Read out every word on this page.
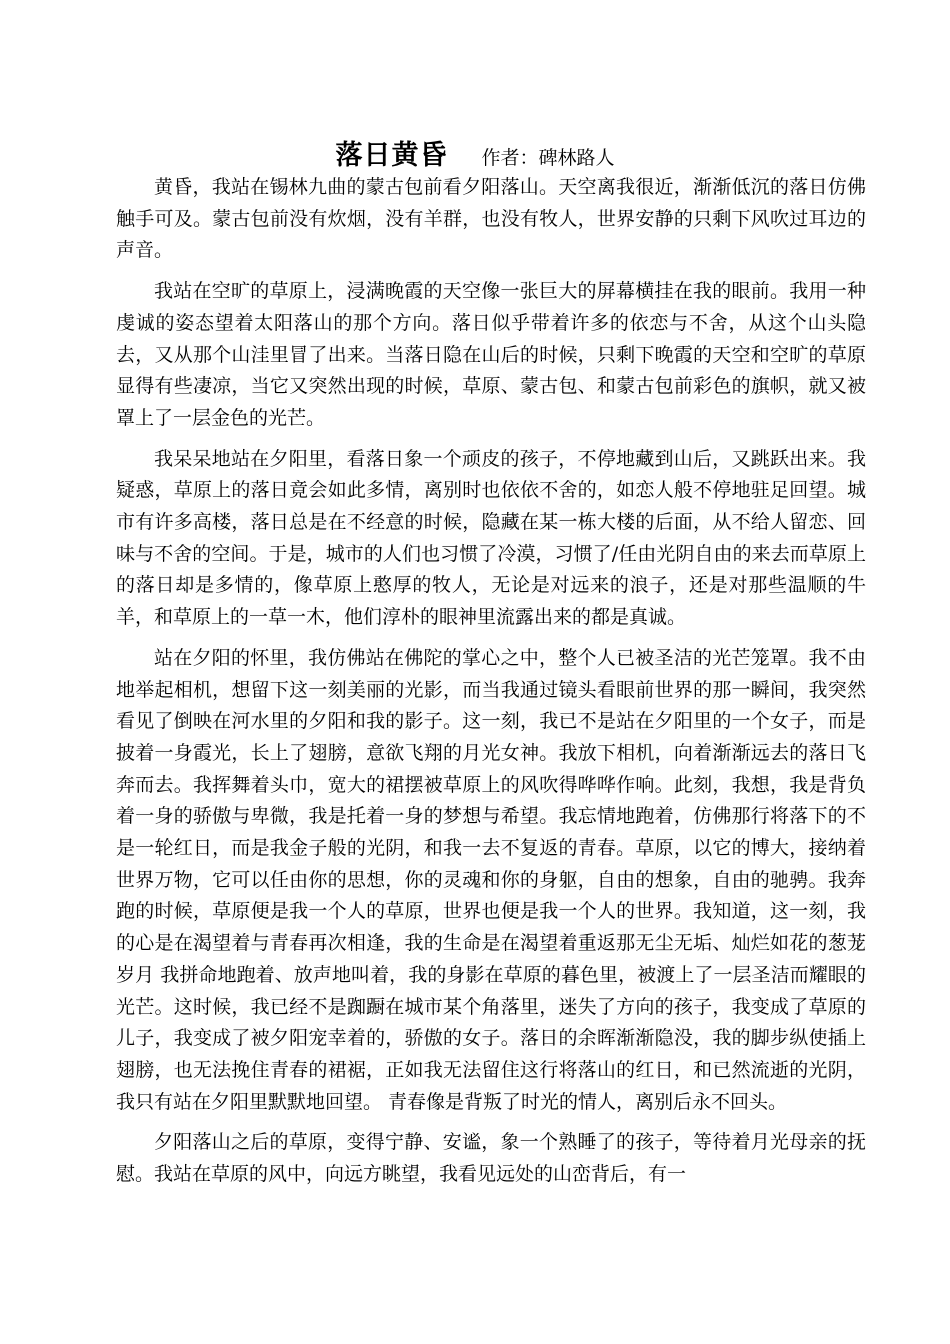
落日黄昏 作者：碑林路人

黄昏，我站在锡林九曲的蒙古包前看夕阳落山。天空离我很近，渐渐低沉的落日仿佛触手可及。蒙古包前没有炊烟，没有羊群，也没有牧人，世界安静的只剩下风吹过耳边的声音。

我站在空旷的草原上，浸满晚霞的天空像一张巨大的屏幕横挂在我的眼前。我用一种虔诚的姿态望着太阳落山的那个方向。落日似乎带着许多的依恋与不舍，从这个山头隐去，又从那个山洼里冒了出来。当落日隐在山后的时候，只剩下晚霞的天空和空旷的草原显得有些凄凉，当它又突然出现的时候，草原、蒙古包、和蒙古包前彩色的旗帜，就又被罩上了一层金色的光芒。

我呆呆地站在夕阳里，看落日象一个顽皮的孩子，不停地藏到山后，又跳跃出来。我疑惑，草原上的落日竟会如此多情，离别时也依依不舍的，如恋人般不停地驻足回望。城市有许多高楼，落日总是在不经意的时候，隐藏在某一栋大楼的后面，从不给人留恋、回味与不舍的空间。于是，城市的人们也习惯了冷漠，习惯了/任由光阴自由的来去而草原上的落日却是多情的，像草原上憨厚的牧人，无论是对远来的浪子，还是对那些温顺的牛羊，和草原上的一草一木，他们淳朴的眼神里流露出来的都是真诚。

站在夕阳的怀里，我仿佛站在佛陀的掌心之中，整个人已被圣洁的光芒笼罩。我不由地举起相机，想留下这一刻美丽的光影，而当我通过镜头看眼前世界的那一瞬间，我突然看见了倒映在河水里的夕阳和我的影子。这一刻，我已不是站在夕阳里的一个女子，而是披着一身霞光，长上了翅膀，意欲飞翔的月光女神。我放下相机，向着渐渐远去的落日飞奔而去。我挥舞着头巾，宽大的裙摆被草原上的风吹得哗哗作响。此刻，我想，我是背负着一身的骄傲与卑微，我是托着一身的梦想与希望。我忘情地跑着，仿佛那行将落下的不是一轮红日，而是我金子般的光阴，和我一去不复返的青春。草原，以它的博大，接纳着世界万物，它可以任由你的思想，你的灵魂和你的身躯，自由的想象，自由的驰骋。我奔跑的时候，草原便是我一个人的草原，世界也便是我一个人的世界。我知道，这一刻，我的心是在渴望着与青春再次相逢，我的生命是在渴望着重返那无尘无垢、灿烂如花的葱茏岁月 我拼命地跑着、放声地叫着，我的身影在草原的暮色里，被渡上了一层圣洁而耀眼的光芒。这时候，我已经不是踟蹰在城市某个角落里，迷失了方向的孩子，我变成了草原的儿子，我变成了被夕阳宠幸着的，骄傲的女子。落日的余晖渐渐隐没，我的脚步纵使插上翅膀，也无法挽住青春的裙裾，正如我无法留住这行将落山的红日，和已然流逝的光阴，我只有站在夕阳里默默地回望。 青春像是背叛了时光的情人，离别后永不回头。

夕阳落山之后的草原，变得宁静、安谧，象一个熟睡了的孩子，等待着月光母亲的抚慰。我站在草原的风中，向远方眺望，我看见远处的山峦背后，有一
